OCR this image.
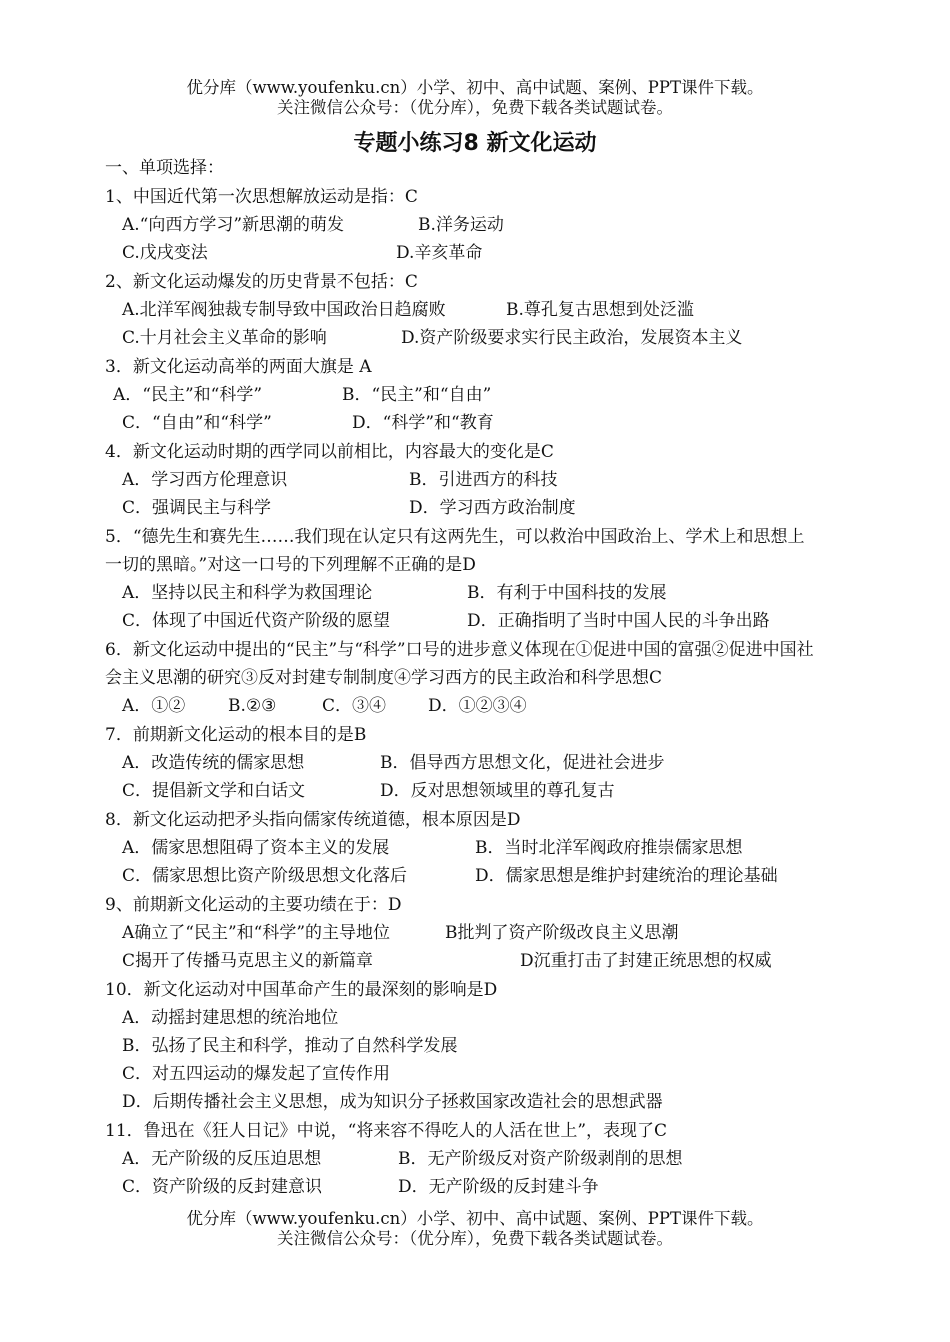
优分库（www.youfenku.cn）小学、初中、高中试题、案例、PPT课件下载。
关注微信公众号：（优分库），免费下载各类试题试卷。
专题小练习8 新文化运动
一、单项选择：
1、中国近代第一次思想解放运动是指：C
A.“向西方学习”新思潮的萌发	B.洋务运动
C.戊戌变法	D.辛亥革命
2、新文化运动爆发的历史背景不包括：C
A.北洋军阀独裁专制导致中国政治日趋腐败	B.尊孔复古思想到处泛滥
C.十月社会主义革命的影响	D.资产阶级要求实行民主政治，发展资本主义
3．新文化运动高举的两面大旗是 A
A．“民主”和“科学”	B．“民主”和“自由”
C．“自由”和“科学”	D．“科学”和“教育
4．新文化运动时期的西学同以前相比，内容最大的变化是C
A．学习西方伦理意识	B．引进西方的科技
C．强调民主与科学	D．学习西方政治制度
5．“德先生和赛先生……我们现在认定只有这两先生，可以救治中国政治上、学术上和思想上
一切的黑暗。”对这一口号的下列理解不正确的是D
A．坚持以民主和科学为救国理论	B．有利于中国科技的发展
C．体现了中国近代资产阶级的愿望	D．正确指明了当时中国人民的斗争出路
6．新文化运动中提出的“民主”与“科学”口号的进步意义体现在①促进中国的富强②促进中国社
会主义思潮的研究③反对封建专制制度④学习西方的民主政治和科学思想C
A．①②	B.②③	C．③④ D．①②③④
7．前期新文化运动的根本目的是B
A．改造传统的儒家思想	B．倡导西方思想文化，促进社会进步
C．提倡新文学和白话文	D．反对思想领域里的尊孔复古
8．新文化运动把矛头指向儒家传统道德，根本原因是D
A．儒家思想阻碍了资本主义的发展	B．当时北洋军阀政府推崇儒家思想
C．儒家思想比资产阶级思想文化落后	D．儒家思想是维护封建统治的理论基础
9、前期新文化运动的主要功绩在于：D
A确立了“民主”和“科学”的主导地位	B批判了资产阶级改良主义思潮
C揭开了传播马克思主义的新篇章	D沉重打击了封建正统思想的权威
10．新文化运动对中国革命产生的最深刻的影响是D
A．动摇封建思想的统治地位
B．弘扬了民主和科学，推动了自然科学发展
C．对五四运动的爆发起了宣传作用
D．后期传播社会主义思想，成为知识分子拯救国家改造社会的思想武器
11．鲁迅在《狂人日记》中说，“将来容不得吃人的人活在世上”，表现了C
A．无产阶级的反压迫思想	B．无产阶级反对资产阶级剥削的思想
C．资产阶级的反封建意识	D．无产阶级的反封建斗争
优分库（www.youfenku.cn）小学、初中、高中试题、案例、PPT课件下载。
关注微信公众号：（优分库），免费下载各类试题试卷。
